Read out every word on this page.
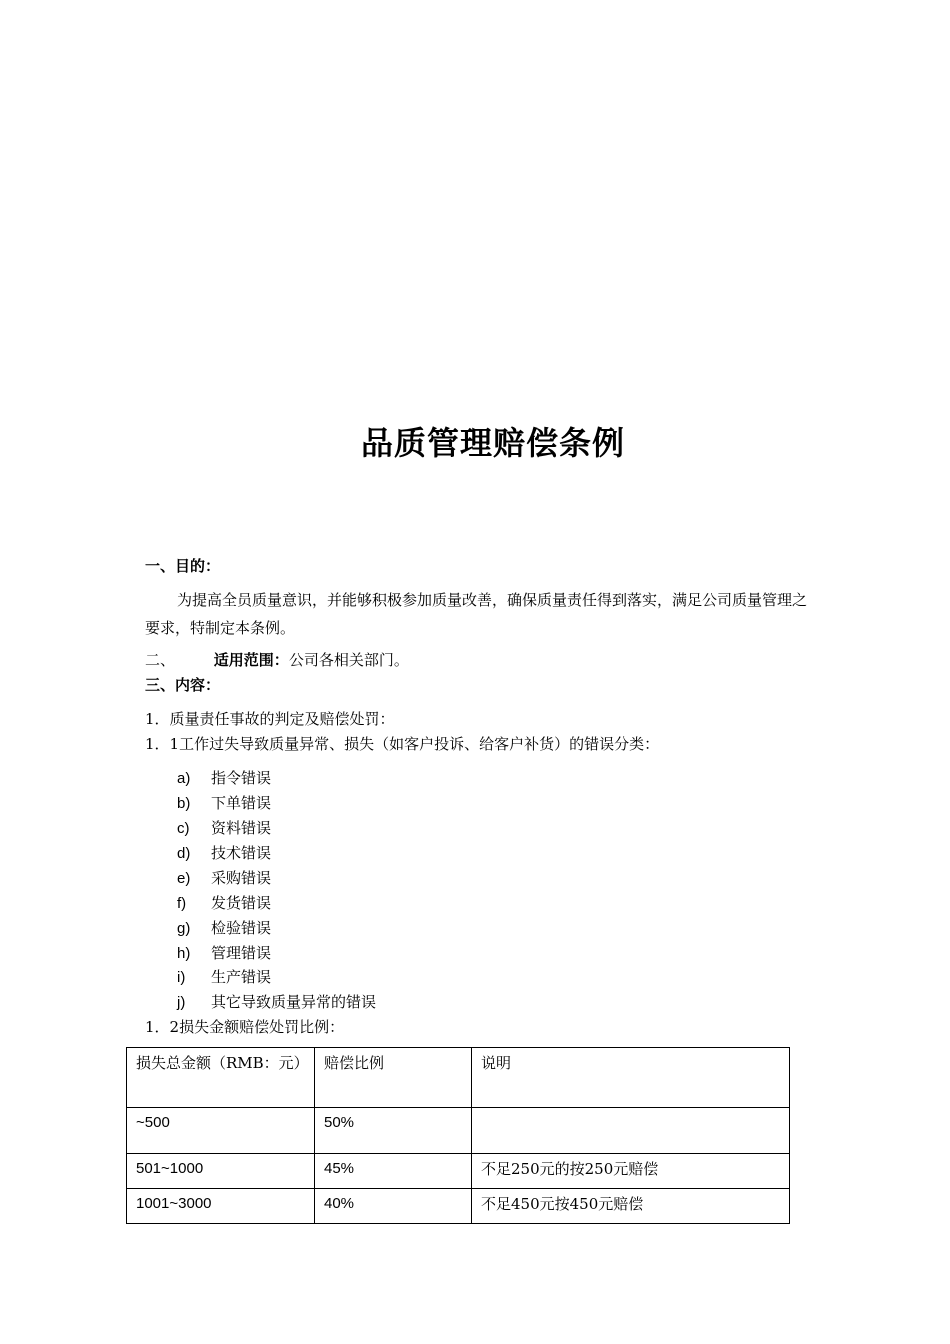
品质管理赔偿条例
一、目的：
为提高全员质量意识，并能够积极参加质量改善，确保质量责任得到落实，满足公司质量管理之要求，特制定本条例。
二、	适用范围：公司各相关部门。
三、内容：
1．质量责任事故的判定及赔偿处罚：
1．1工作过失导致质量异常、损失（如客户投诉、给客户补货）的错误分类：
a) 指令错误
b) 下单错误
c) 资料错误
d) 技术错误
e) 采购错误
f) 发货错误
g) 检验错误
h) 管理错误
i) 生产错误
j) 其它导致质量异常的错误
1．2损失金额赔偿处罚比例：
损失总金额（RMB：元）	赔偿比例	说明
~500	50%	
501~1000	45%	不足250元的按250元赔偿
1001~3000	40%	不足450元按450元赔偿
